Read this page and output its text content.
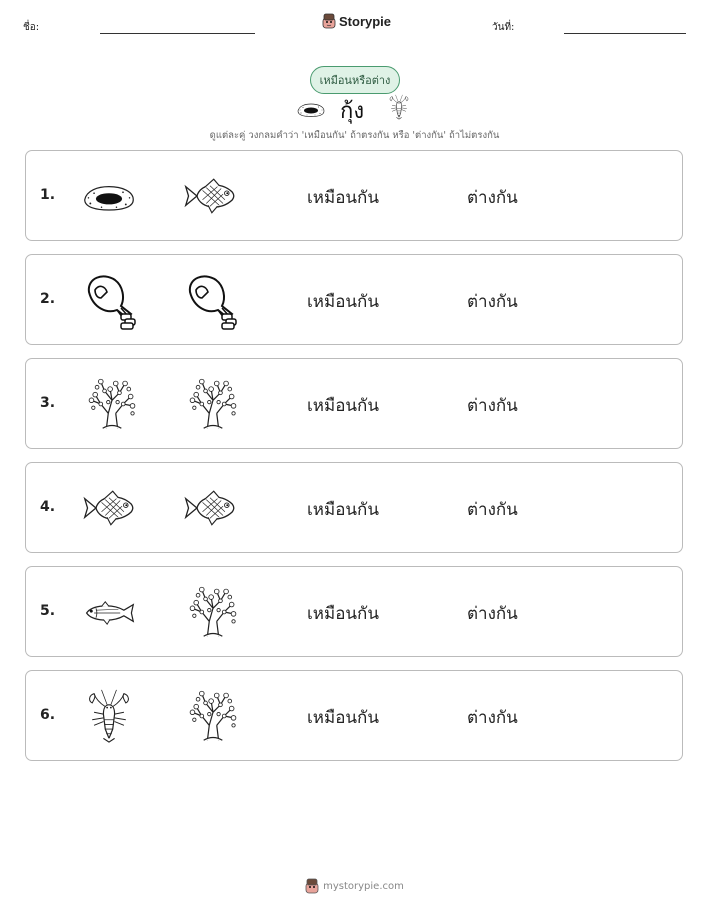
ชื่อ:	Storypie	วันที่:
เหมือนหรือต่าง
กุ้ง
ดูแต่ละคู่ วงกลมคำว่า 'เหมือนกัน' ถ้าตรงกัน หรือ 'ต่างกัน' ถ้าไม่ตรงกัน
1.	เหมือนกัน	ต่างกัน
2.	เหมือนกัน	ต่างกัน
3.	เหมือนกัน	ต่างกัน
4.	เหมือนกัน	ต่างกัน
5.	เหมือนกัน	ต่างกัน
6.	เหมือนกัน	ต่างกัน
mystorypie.com
